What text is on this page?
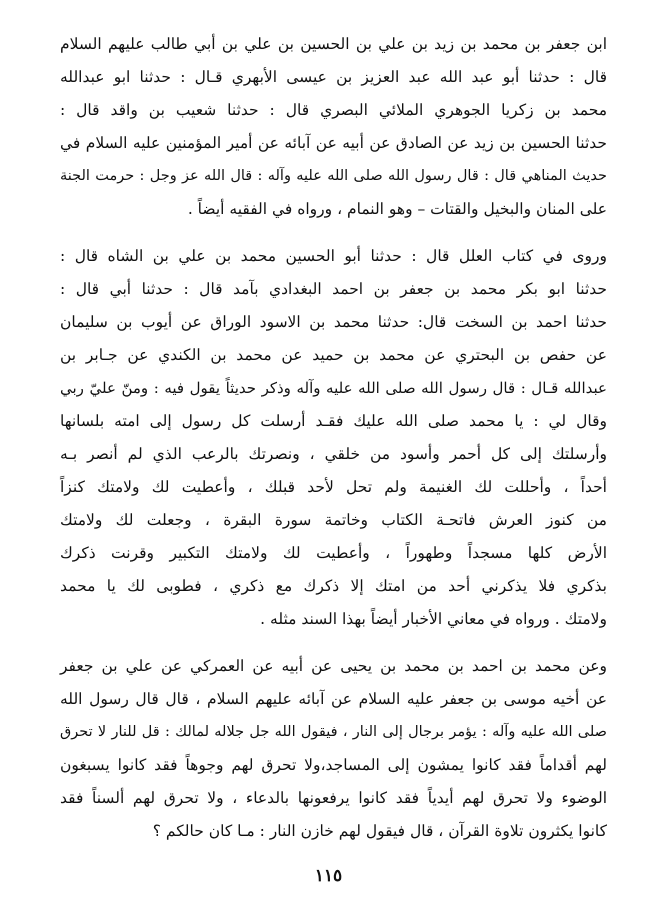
ابن جعفر بن محمد بن زيد بن علي بن الحسين بن علي بن أبي طالب عليهم السلام
قال : حدثنا أبو عبد الله عبد العزيز بن عيسى الأبهري قـال : حدثنا ابو عبدالله
محمد بن زكريا الجوهري الملائي البصري قال : حدثنا شعيب بن واقد قال :
حدثنا الحسين بن زيد عن الصادق عن أبيه عن آبائه عن أمير المؤمنين عليه السلام في
حديث المناهي قال : قال رسول الله صلى الله عليه وآله : قال الله عز وجل : حرمت الجنة
على المنان والبخيل والقتات – وهو النمام ، ورواه في الفقيه أيضاً .
وروى في كتاب العلل قال : حدثنا أبو الحسين محمد بن علي بن الشاه قال :
حدثنا ابو بكر محمد بن جعفر بن احمد البغدادي بآمد قال : حدثنا أبي قال :
حدثنا احمد بن السخت قال: حدثنا محمد بن الاسود الوراق عن أيوب بن سليمان
عن حفص بن البحتري عن محمد بن حميد عن محمد بن الكندي عن جـابر بن
عبدالله قـال : قال رسول الله صلى الله عليه وآله وذكر حديثاً يقول فيه : ومنّ عليّ ربي
وقال لي : يا محمد صلى الله عليك فقـد أرسلت كل رسول إلى امته بلسانها
وأرسلتك إلى كل أحمر وأسود من خلقي ، ونصرتك بالرعب الذي لم أنصر بـه
أحداً ، وأحللت لك الغنيمة ولم تحل لأحد قبلك ، وأعطيت لك ولامتك كنزاً
من كنوز العرش فاتحـة الكتاب وخاتمة سورة البقرة ، وجعلت لك ولامتك
الأرض كلها مسجداً وطهوراً ، وأعطيت لك ولامتك التكبير وقرنت ذكرك
بذكري فلا يذكرني أحد من امتك إلا ذكرك مع ذكري ، فطوبى لك يا محمد
ولامتك . ورواه في معاني الأخبار أيضاً بهذا السند مثله .
وعن محمد بن احمد بن محمد بن يحيى عن أبيه عن العمركي عن علي بن جعفر
عن أخيه موسى بن جعفر عليه السلام عن آبائه عليهم السلام ، قال قال رسول الله
صلى الله عليه وآله : يؤمر برجال إلى النار ، فيقول الله جل جلاله لمالك : قل للنار لا تحرق
لهم أقداماً فقد كانوا يمشون إلى المساجد،ولا تحرق لهم وجوهاً فقد كانوا يسبغون
الوضوء ولا تحرق لهم أيدياً فقد كانوا يرفعونها بالدعاء ، ولا تحرق لهم ألسناً فقد
كانوا يكثرون تلاوة القرآن ، قال فيقول لهم خازن النار : مـا كان حالكم ؟
١١٥
